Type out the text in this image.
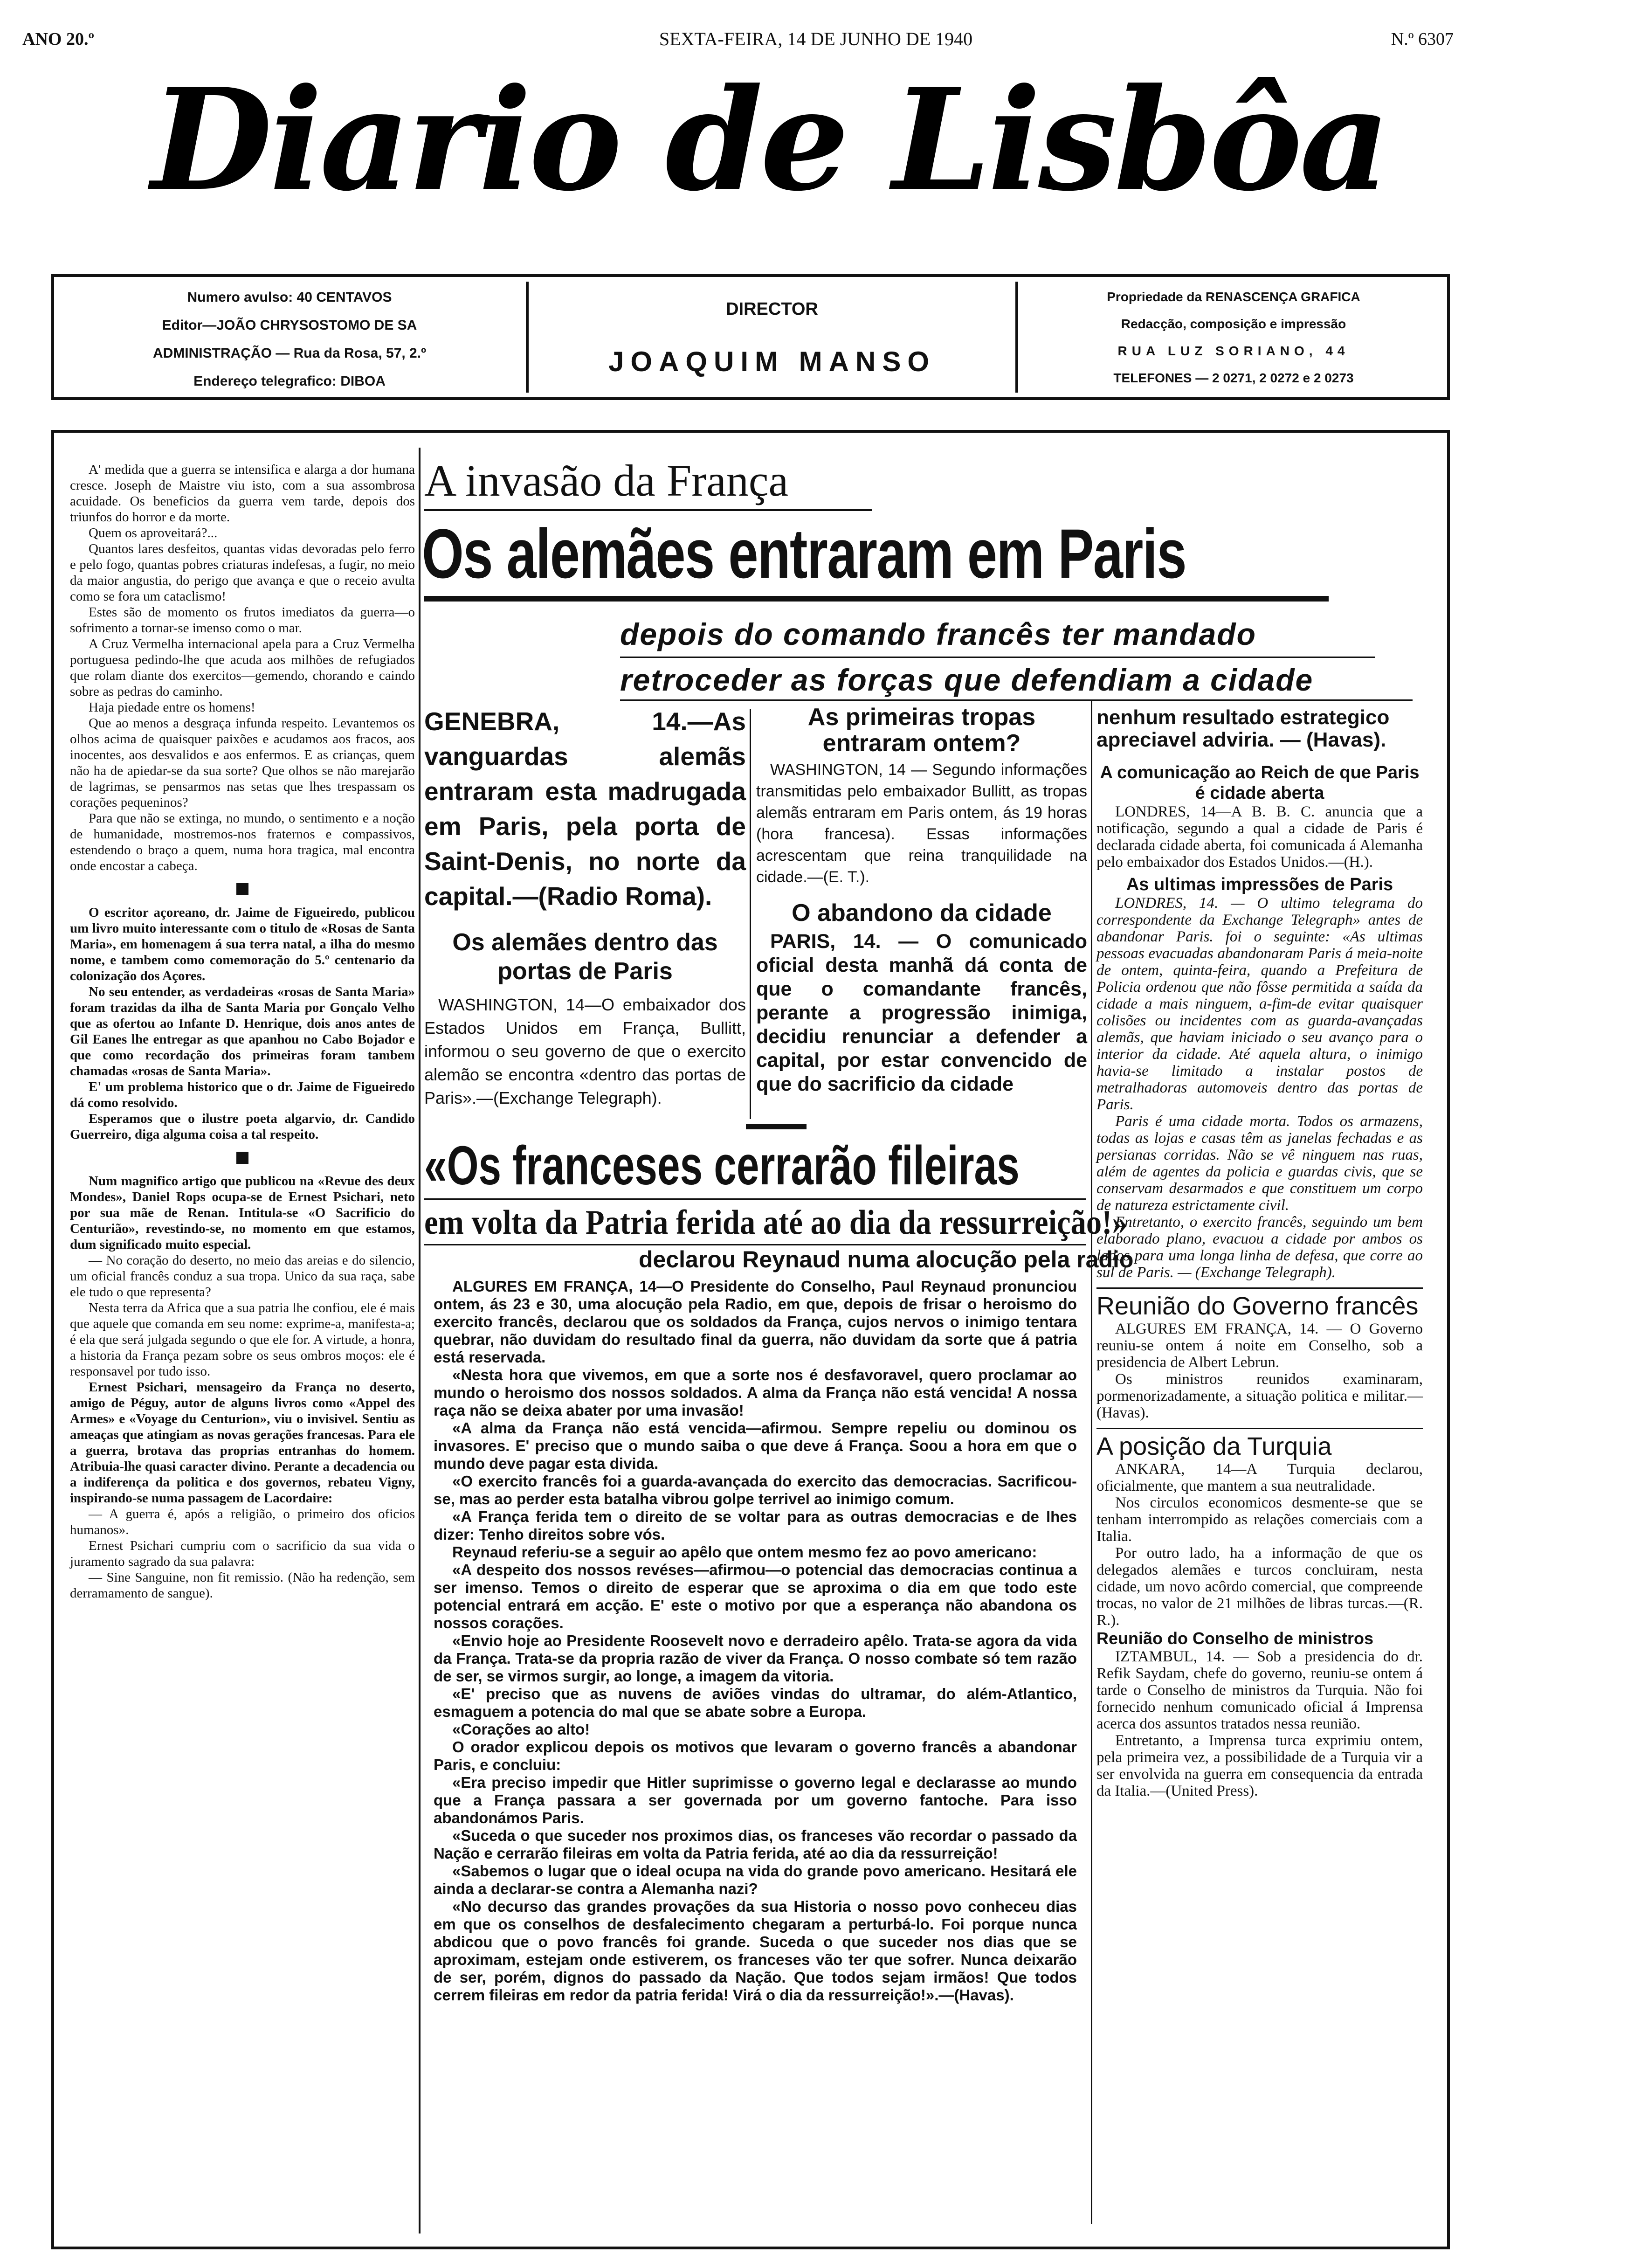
ANO 20.º	SEXTA-FEIRA, 14 DE JUNHO DE 1940	N.º 6307
Diario de Lisbôa
Numero avulso: 40 CENTAVOS
Editor—JOÃO CHRYSOSTOMO DE SA
ADMINISTRAÇÃO — Rua da Rosa, 57, 2.º
Endereço telegrafico: DIBOA
DIRECTOR
JOAQUIM MANSO
Propriedade da RENASCENÇA GRAFICA
Redacção, composição e impressão
RUA LUZ SORIANO, 44
TELEFONES — 2 0271, 2 0272 e 2 0273

A' medida que a guerra se intensifica e alarga a dor humana cresce. Joseph de Maistre viu isto, com a sua assombrosa acuidade. Os beneficios da guerra vem tarde, depois dos triunfos do horror e da morte.

Quem os aproveitará?...

Quantos lares desfeitos, quantas vidas devoradas pelo ferro e pelo fogo, quantas pobres criaturas indefesas, a fugir, no meio da maior angustia, do perigo que avança e que o receio avulta como se fora um cataclismo!

Estes são de momento os frutos imediatos da guerra—o sofrimento a tornar-se imenso como o mar.

A Cruz Vermelha internacional apela para a Cruz Vermelha portuguesa pedindo-lhe que acuda aos milhões de refugiados que rolam diante dos exercitos—gemendo, chorando e caindo sobre as pedras do caminho.

Haja piedade entre os homens!

Que ao menos a desgraça infunda respeito. Levantemos os olhos acima de quaisquer paixões e acudamos aos fracos, aos inocentes, aos desvalidos e aos enfermos. E as crianças, quem não ha de apiedar-se da sua sorte? Que olhos se não marejarão de lagrimas, se pensarmos nas setas que lhes trespassam os corações pequeninos?

Para que não se extinga, no mundo, o sentimento e a noção de humanidade, mostremos-nos fraternos e compassivos, estendendo o braço a quem, numa hora tragica, mal encontra onde encostar a cabeça.

O escritor açoreano, dr. Jaime de Figueiredo, publicou um livro muito interessante com o titulo de «Rosas de Santa Maria», em homenagem á sua terra natal, a ilha do mesmo nome, e tambem como comemoração do 5.º centenario da colonização dos Açores.

No seu entender, as verdadeiras «rosas de Santa Maria» foram trazidas da ilha de Santa Maria por Gonçalo Velho que as ofertou ao Infante D. Henrique, dois anos antes de Gil Eanes lhe entregar as que apanhou no Cabo Bojador e que como recordação dos primeiras foram tambem chamadas «rosas de Santa Maria».

E' um problema historico que o dr. Jaime de Figueiredo dá como resolvido.

Esperamos que o ilustre poeta algarvio, dr. Candido Guerreiro, diga alguma coisa a tal respeito.

Num magnifico artigo que publicou na «Revue des deux Mondes», Daniel Rops ocupa-se de Ernest Psichari, neto por sua mãe de Renan. Intitula-se «O Sacrificio do Centurião», revestindo-se, no momento em que estamos, dum significado muito especial.

— No coração do deserto, no meio das areias e do silencio, um oficial francês conduz a sua tropa. Unico da sua raça, sabe ele tudo o que representa?

Nesta terra da Africa que a sua patria lhe confiou, ele é mais que aquele que comanda em seu nome: exprime-a, manifesta-a; é ela que será julgada segundo o que ele for. A virtude, a honra, a historia da França pezam sobre os seus ombros moços: ele é responsavel por tudo isso.

Ernest Psichari, mensageiro da França no deserto, amigo de Péguy, autor de alguns livros como «Appel des Armes» e «Voyage du Centurion», viu o invisivel. Sentiu as ameaças que atingiam as novas gerações francesas. Para ele a guerra, brotava das proprias entranhas do homem. Atribuia-lhe quasi caracter divino. Perante a decadencia ou a indiferença da politica e dos governos, rebateu Vigny, inspirando-se numa passagem de Lacordaire:

— A guerra é, após a religião, o primeiro dos oficios humanos».

Ernest Psichari cumpriu com o sacrificio da sua vida o juramento sagrado da sua palavra:

— Sine Sanguine, non fit remissio. (Não ha redenção, sem derramamento de sangue).

A invasão da França
Os alemães entraram em Paris
depois do comando francês ter mandado
retroceder as forças que defendiam a cidade
GENEBRA, 14.—As vanguardas alemãs entraram esta madrugada em Paris, pela porta de Saint-Denis, no norte da capital.—(Radio Roma).
Os alemães dentro das portas de Paris
WASHINGTON, 14—O embaixador dos Estados Unidos em França, Bullitt, informou o seu governo de que o exercito alemão se encontra «dentro das portas de Paris».—(Exchange Telegraph).
As primeiras tropas entraram ontem?
WASHINGTON, 14 — Segundo informações transmitidas pelo embaixador Bullitt, as tropas alemãs entraram em Paris ontem, ás 19 horas (hora francesa). Essas informações acrescentam que reina tranquilidade na cidade.—(E. T.).
O abandono da cidade
PARIS, 14. — O comunicado oficial desta manhã dá conta de que o comandante francês, perante a progressão inimiga, decidiu renunciar a defender a capital, por estar convencido de que do sacrificio da cidade
«Os franceses cerrarão fileiras
em volta da Patria ferida até ao dia da ressurreição!»
declarou Reynaud numa alocução pela radio

ALGURES EM FRANÇA, 14—O Presidente do Conselho, Paul Reynaud pronunciou ontem, ás 23 e 30, uma alocução pela Radio, em que, depois de frisar o heroismo do exercito francês, declarou que os soldados da França, cujos nervos o inimigo tentara quebrar, não duvidam do resultado final da guerra, não duvidam da sorte que á patria está reservada.

«Nesta hora que vivemos, em que a sorte nos é desfavoravel, quero proclamar ao mundo o heroismo dos nossos soldados. A alma da França não está vencida! A nossa raça não se deixa abater por uma invasão!

«A alma da França não está vencida—afirmou. Sempre repeliu ou dominou os invasores. E' preciso que o mundo saiba o que deve á França. Soou a hora em que o mundo deve pagar esta divida.

«O exercito francês foi a guarda-avançada do exercito das democracias. Sacrificou-se, mas ao perder esta batalha vibrou golpe terrivel ao inimigo comum.

«A França ferida tem o direito de se voltar para as outras democracias e de lhes dizer: Tenho direitos sobre vós.

Reynaud referiu-se a seguir ao apêlo que ontem mesmo fez ao povo americano:

«A despeito dos nossos revéses—afirmou—o potencial das democracias continua a ser imenso. Temos o direito de esperar que se aproxima o dia em que todo este potencial entrará em acção. E' este o motivo por que a esperança não abandona os nossos corações.

«Envio hoje ao Presidente Roosevelt novo e derradeiro apêlo. Trata-se agora da vida da França. Trata-se da propria razão de viver da França. O nosso combate só tem razão de ser, se virmos surgir, ao longe, a imagem da vitoria.

«E' preciso que as nuvens de aviões vindas do ultramar, do além-Atlantico, esmaguem a potencia do mal que se abate sobre a Europa.

«Corações ao alto!

O orador explicou depois os motivos que levaram o governo francês a abandonar Paris, e concluiu:

«Era preciso impedir que Hitler suprimisse o governo legal e declarasse ao mundo que a França passara a ser governada por um governo fantoche. Para isso abandonámos Paris.

«Suceda o que suceder nos proximos dias, os franceses vão recordar o passado da Nação e cerrarão fileiras em volta da Patria ferida, até ao dia da ressurreição!

«Sabemos o lugar que o ideal ocupa na vida do grande povo americano. Hesitará ele ainda a declarar-se contra a Alemanha nazi?

«No decurso das grandes provações da sua Historia o nosso povo conheceu dias em que os conselhos de desfalecimento chegaram a perturbá-lo. Foi porque nunca abdicou que o povo francês foi grande. Suceda o que suceder nos dias que se aproximam, estejam onde estiverem, os franceses vão ter que sofrer. Nunca deixarão de ser, porém, dignos do passado da Nação. Que todos sejam irmãos! Que todos cerrem fileiras em redor da patria ferida! Virá o dia da ressurreição!».—(Havas).

nenhum resultado estrategico apreciavel adviria. — (Havas).
A comunicação ao Reich de que Paris é cidade aberta

LONDRES, 14—A B. B. C. anuncia que a notificação, segundo a qual a cidade de Paris é declarada cidade aberta, foi comunicada á Alemanha pelo embaixador dos Estados Unidos.—(H.).

As ultimas impressões de Paris

LONDRES, 14. — O ultimo telegrama do correspondente da Exchange Telegraph» antes de abandonar Paris. foi o seguinte: «As ultimas pessoas evacuadas abandonaram Paris á meia-noite de ontem, quinta-feira, quando a Prefeitura de Policia ordenou que não fôsse permitida a saída da cidade a mais ninguem, a-fim-de evitar quaisquer colisões ou incidentes com as guarda-avançadas alemãs, que haviam iniciado o seu avanço para o interior da cidade. Até aquela altura, o inimigo havia-se limitado a instalar postos de metralhadoras automoveis dentro das portas de Paris.

Paris é uma cidade morta. Todos os armazens, todas as lojas e casas têm as janelas fechadas e as persianas corridas. Não se vê ninguem nas ruas, além de agentes da policia e guardas civis, que se conservam desarmados e que constituem um corpo de natureza estrictamente civil.

Entretanto, o exercito francês, seguindo um bem elaborado plano, evacuou a cidade por ambos os lados para uma longa linha de defesa, que corre ao sul de Paris. — (Exchange Telegraph).

Reunião do Governo francês

ALGURES EM FRANÇA, 14. — O Governo reuniu-se ontem á noite em Conselho, sob a presidencia de Albert Lebrun.

Os ministros reunidos examinaram, pormenorizadamente, a situação politica e militar.—(Havas).

A posição da Turquia

ANKARA, 14—A Turquia declarou, oficialmente, que mantem a sua neutralidade.

Nos circulos economicos desmente-se que se tenham interrompido as relações comerciais com a Italia.

Por outro lado, ha a informação de que os delegados alemães e turcos concluiram, nesta cidade, um novo acôrdo comercial, que compreende trocas, no valor de 21 milhões de libras turcas.—(R. R.).

Reunião do Conselho de ministros

IZTAMBUL, 14. — Sob a presidencia do dr. Refik Saydam, chefe do governo, reuniu-se ontem á tarde o Conselho de ministros da Turquia. Não foi fornecido nenhum comunicado oficial á Imprensa acerca dos assuntos tratados nessa reunião.

Entretanto, a Imprensa turca exprimiu ontem, pela primeira vez, a possibilidade de a Turquia vir a ser envolvida na guerra em consequencia da entrada da Italia.—(United Press).
